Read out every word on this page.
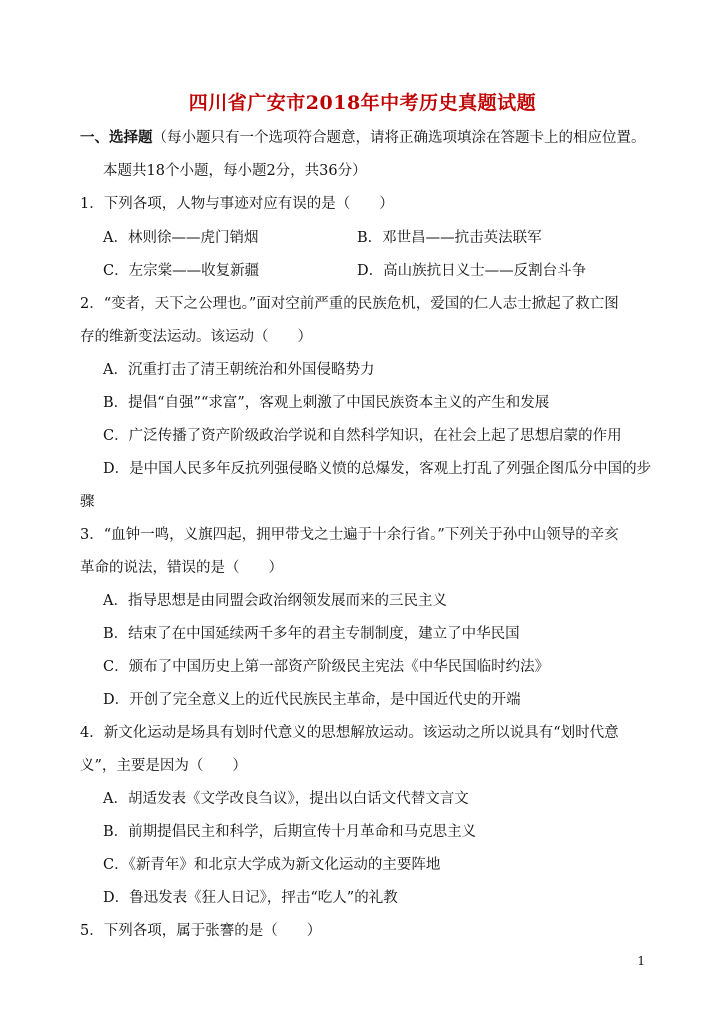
四川省广安市2018年中考历史真题试题
一、选择题（每小题只有一个选项符合题意，请将正确选项填涂在答题卡上的相应位置。
本题共18个小题，每小题2分，共36分）
1．下列各项，人物与事迹对应有误的是（　　）
A．林则徐——虎门销烟	B．邓世昌——抗击英法联军
C．左宗棠——收复新疆	D．高山族抗日义士——反割台斗争
2．“变者，天下之公理也。”面对空前严重的民族危机，爱国的仁人志士掀起了救亡图
存的维新变法运动。该运动（　　）
A．沉重打击了清王朝统治和外国侵略势力
B．提倡“自强”“求富”，客观上刺激了中国民族资本主义的产生和发展
C．广泛传播了资产阶级政治学说和自然科学知识，在社会上起了思想启蒙的作用
D．是中国人民多年反抗列强侵略义愤的总爆发，客观上打乱了列强企图瓜分中国的步
骤
3．“血钟一鸣，义旗四起，拥甲带戈之士遍于十余行省。”下列关于孙中山领导的辛亥
革命的说法，错误的是（　　）
A．指导思想是由同盟会政治纲领发展而来的三民主义
B．结束了在中国延续两千多年的君主专制制度，建立了中华民国
C．颁布了中国历史上第一部资产阶级民主宪法《中华民国临时约法》
D．开创了完全意义上的近代民族民主革命，是中国近代史的开端
4．新文化运动是场具有划时代意义的思想解放运动。该运动之所以说具有“划时代意
义”，主要是因为（　　）
A．胡适发表《文学改良刍议》，提出以白话文代替文言文
B．前期提倡民主和科学，后期宣传十月革命和马克思主义
C．《新青年》和北京大学成为新文化运动的主要阵地
D．鲁迅发表《狂人日记》，抨击“吃人”的礼教
5．下列各项，属于张謇的是（　　）
1
